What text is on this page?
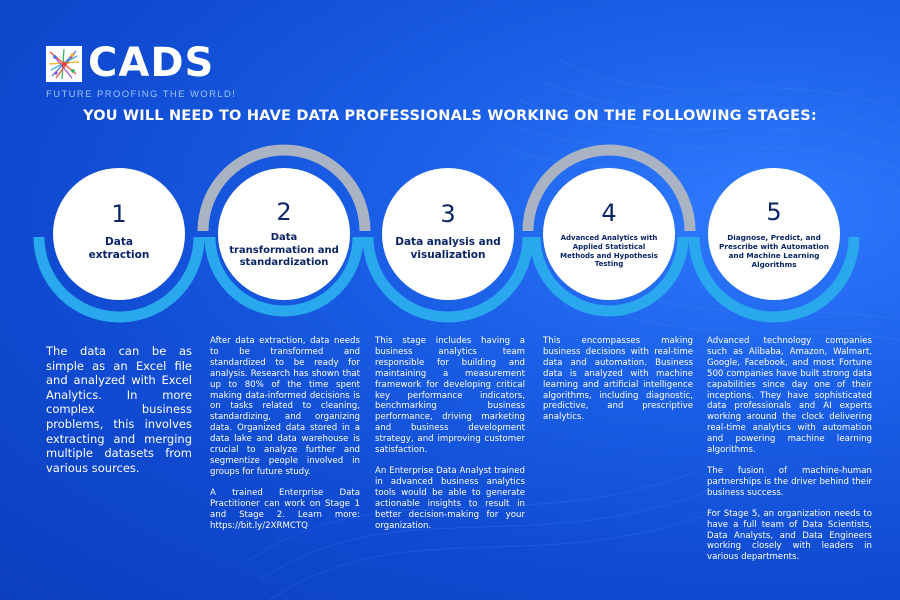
CADS
FUTURE PROOFING THE WORLD!
YOU WILL NEED TO HAVE DATA PROFESSIONALS WORKING ON THE FOLLOWING STAGES:
1
Data extraction
2
Data transformation and standardization
3
Data analysis and visualization
4
Advanced Analytics with Applied Statistical Methods and Hypothesis Testing
5
Diagnose, Predict, and Prescribe with Automation and Machine Learning Algorithms

The data can be as simple as an Excel file and analyzed with Excel Analytics. In more complex business problems, this involves extracting and merging multiple datasets from various sources.

After data extraction, data needs to be transformed and standardized to be ready for analysis. Research has shown that up to 80% of the time spent making data-informed decisions is on tasks related to cleaning, standardizing, and organizing data. Organized data stored in a data lake and data warehouse is crucial to analyze further and segmentize people involved in groups for future study.

A trained Enterprise Data Practitioner can work on Stage 1 and Stage 2. Learn more: https://bit.ly/2XRMCTQ

This stage includes having a business analytics team responsible for building and maintaining a measurement framework for developing critical key performance indicators, benchmarking business performance, driving marketing and business development strategy, and improving customer satisfaction.

An Enterprise Data Analyst trained in advanced business analytics tools would be able to generate actionable insights to result in better decision-making for your organization.

This encompasses making business decisions with real-time data and automation. Business data is analyzed with machine learning and artificial intelligence algorithms, including diagnostic, predictive, and prescriptive analytics.

Advanced technology companies such as Alibaba, Amazon, Walmart, Google, Facebook, and most Fortune 500 companies have built strong data capabilities since day one of their inceptions. They have sophisticated data professionals and AI experts working around the clock delivering real-time analytics with automation and powering machine learning algorithms.

The fusion of machine-human partnerships is the driver behind their business success.

For Stage 5, an organization needs to have a full team of Data Scientists, Data Analysts, and Data Engineers working closely with leaders in various departments.
